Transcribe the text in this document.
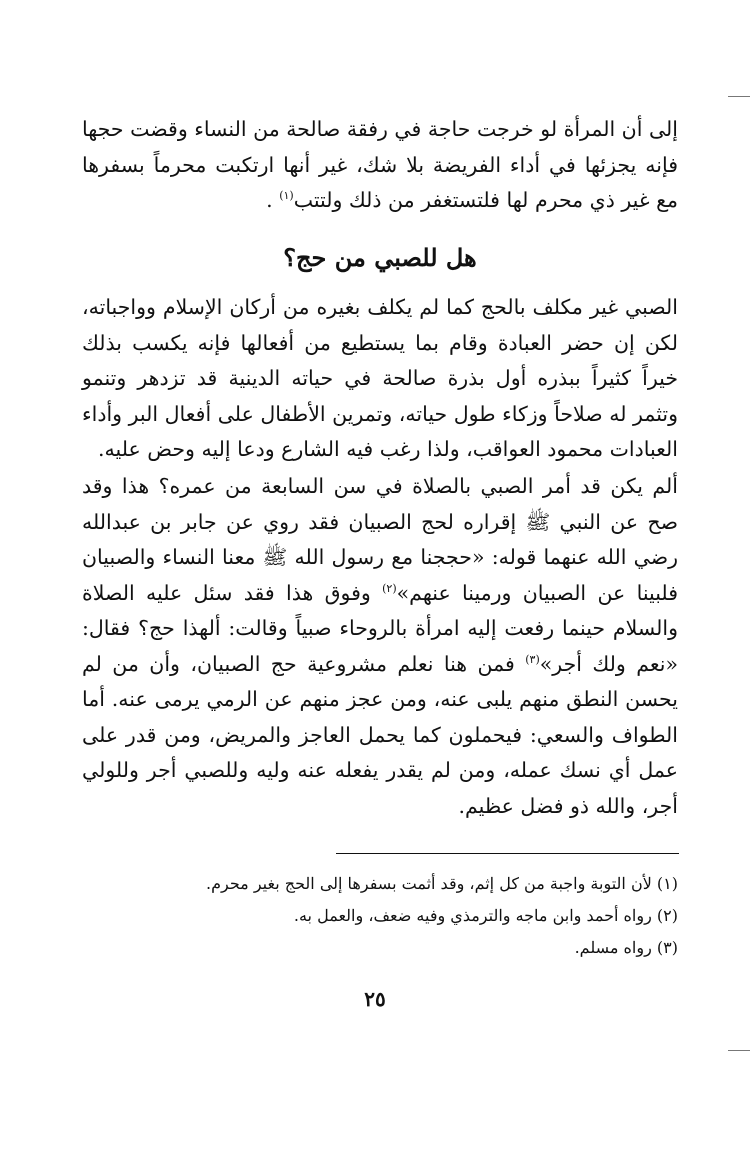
إلى أن المرأة لو خرجت حاجة في رفقة صالحة من النساء وقضت حجها فإنه يجزئها في أداء الفريضة بلا شك، غير أنها ارتكبت محرماً بسفرها مع غير ذي محرم لها فلتستغفر من ذلك ولتتب$^{(١)}$ .

هل للصبي من حج؟

الصبي غير مكلف بالحج كما لم يكلف بغيره من أركان الإسلام وواجباته، لكن إن حضر العبادة وقام بما يستطيع من أفعالها فإنه يكسب بذلك خيراً كثيراً ببذره أول بذرة صالحة في حياته الدينية قد تزدهر وتنمو وتثمر له صلاحاً وزكاء طول حياته، وتمرين الأطفال على أفعال البر وأداء العبادات محمود العواقب، ولذا رغب فيه الشارع ودعا إليه وحض عليه.

ألم يكن قد أمر الصبي بالصلاة في سن السابعة من عمره؟ هذا وقد صح عن النبي ﷺ إقراره لحج الصبيان فقد روي عن جابر بن عبدالله رضي الله عنهما قوله: «حججنا مع رسول الله ﷺ معنا النساء والصبيان فلبينا عن الصبيان ورمينا عنهم»$^{(٢)}$ وفوق هذا فقد سئل عليه الصلاة والسلام حينما رفعت إليه امرأة بالروحاء صبياً وقالت: ألهذا حج؟ فقال: «نعم ولك أجر»$^{(٣)}$ فمن هنا نعلم مشروعية حج الصبيان، وأن من لم يحسن النطق منهم يلبى عنه، ومن عجز منهم عن الرمي يرمى عنه. أما الطواف والسعي: فيحملون كما يحمل العاجز والمريض، ومن قدر على عمل أي نسك عمله، ومن لم يقدر يفعله عنه وليه وللصبي أجر وللولي أجر، والله ذو فضل عظيم.

(١) لأن التوبة واجبة من كل إثم، وقد أثمت بسفرها إلى الحج بغير محرم.
(٢) رواه أحمد وابن ماجه والترمذي وفيه ضعف، والعمل به.
(٣) رواه مسلم.
٢٥
